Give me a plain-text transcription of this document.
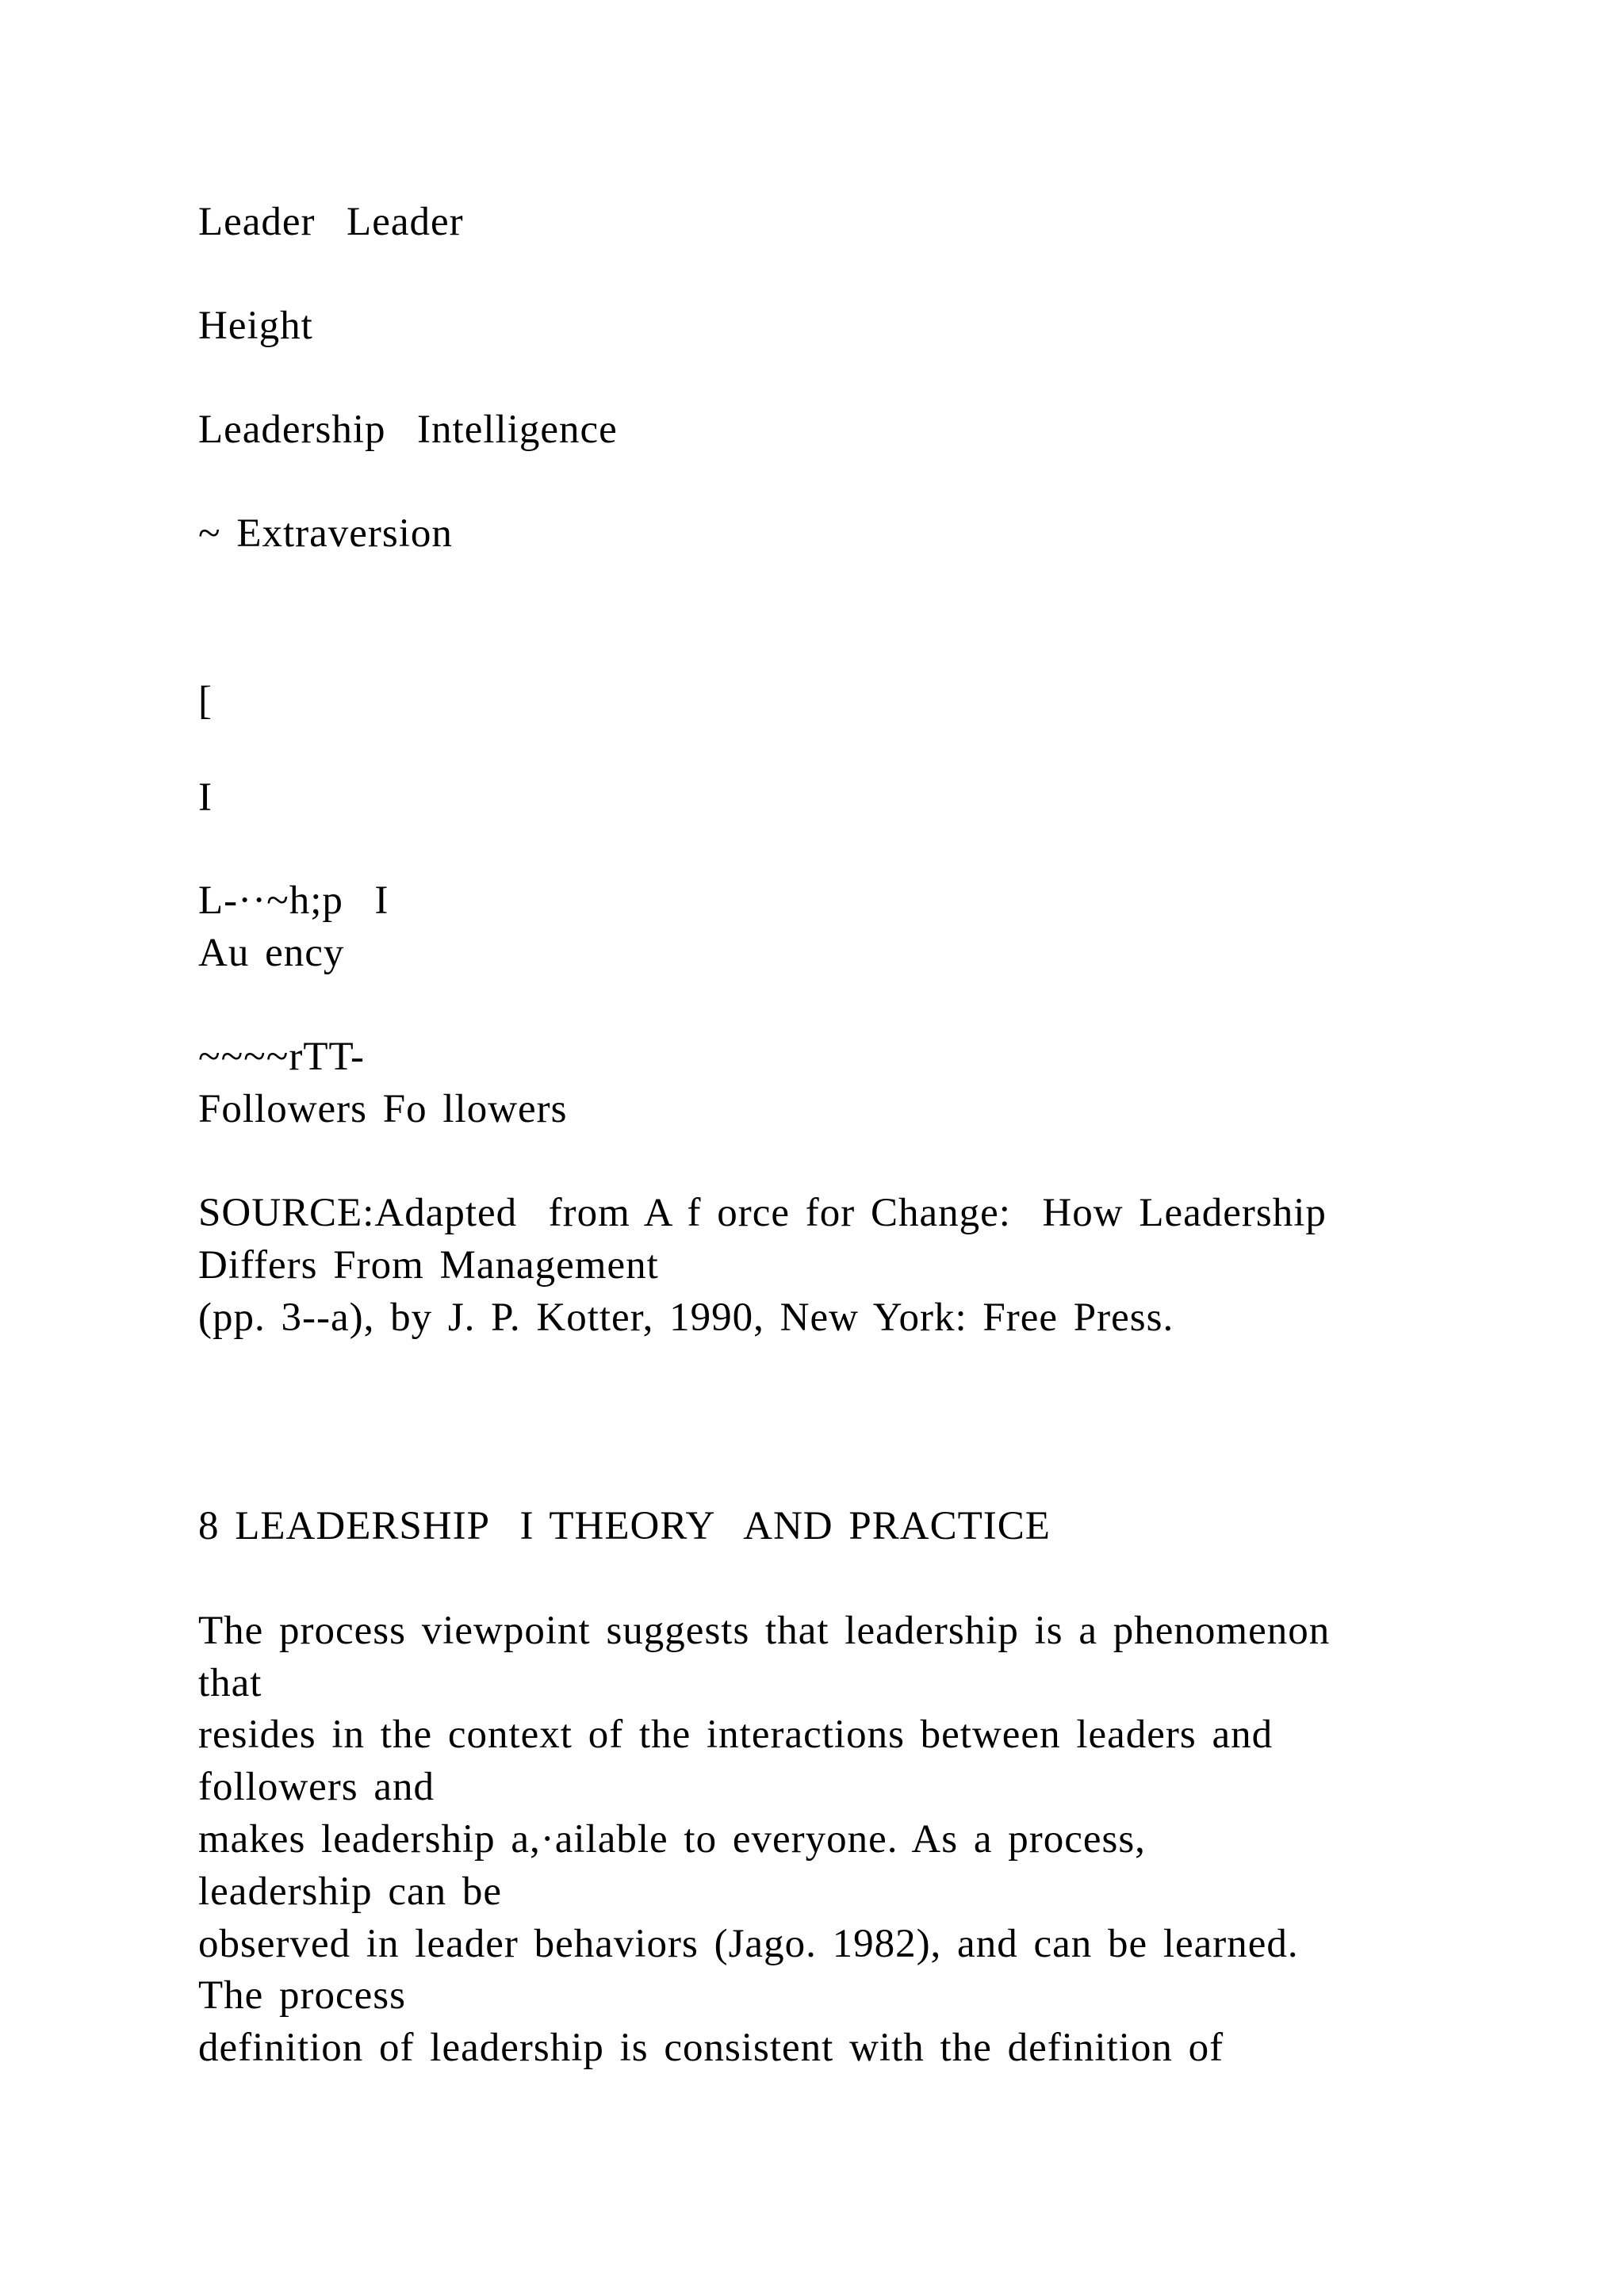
Leader  Leader
Height
Leadership  Intelligence
~ Extraversion
[
I
L-··~h;p  I
Au ency
~~~~rTT-
Followers Fo llowers
SOURCE:Adapted  from A f orce for Change:  How Leadership
Differs From Management
(pp. 3--a), by J. P. Kotter, 1990, New York: Free Press.
8 LEADERSHIP  I THEORY  AND PRACTICE
The process viewpoint suggests that leadership is a phenomenon
that
resides in the context of the interactions between leaders and
followers and
makes leadership a,·ailable to everyone. As a process,
leadership can be
observed in leader behaviors (Jago. 1982), and can be learned.
The process
definition of leadership is consistent with the definition of
